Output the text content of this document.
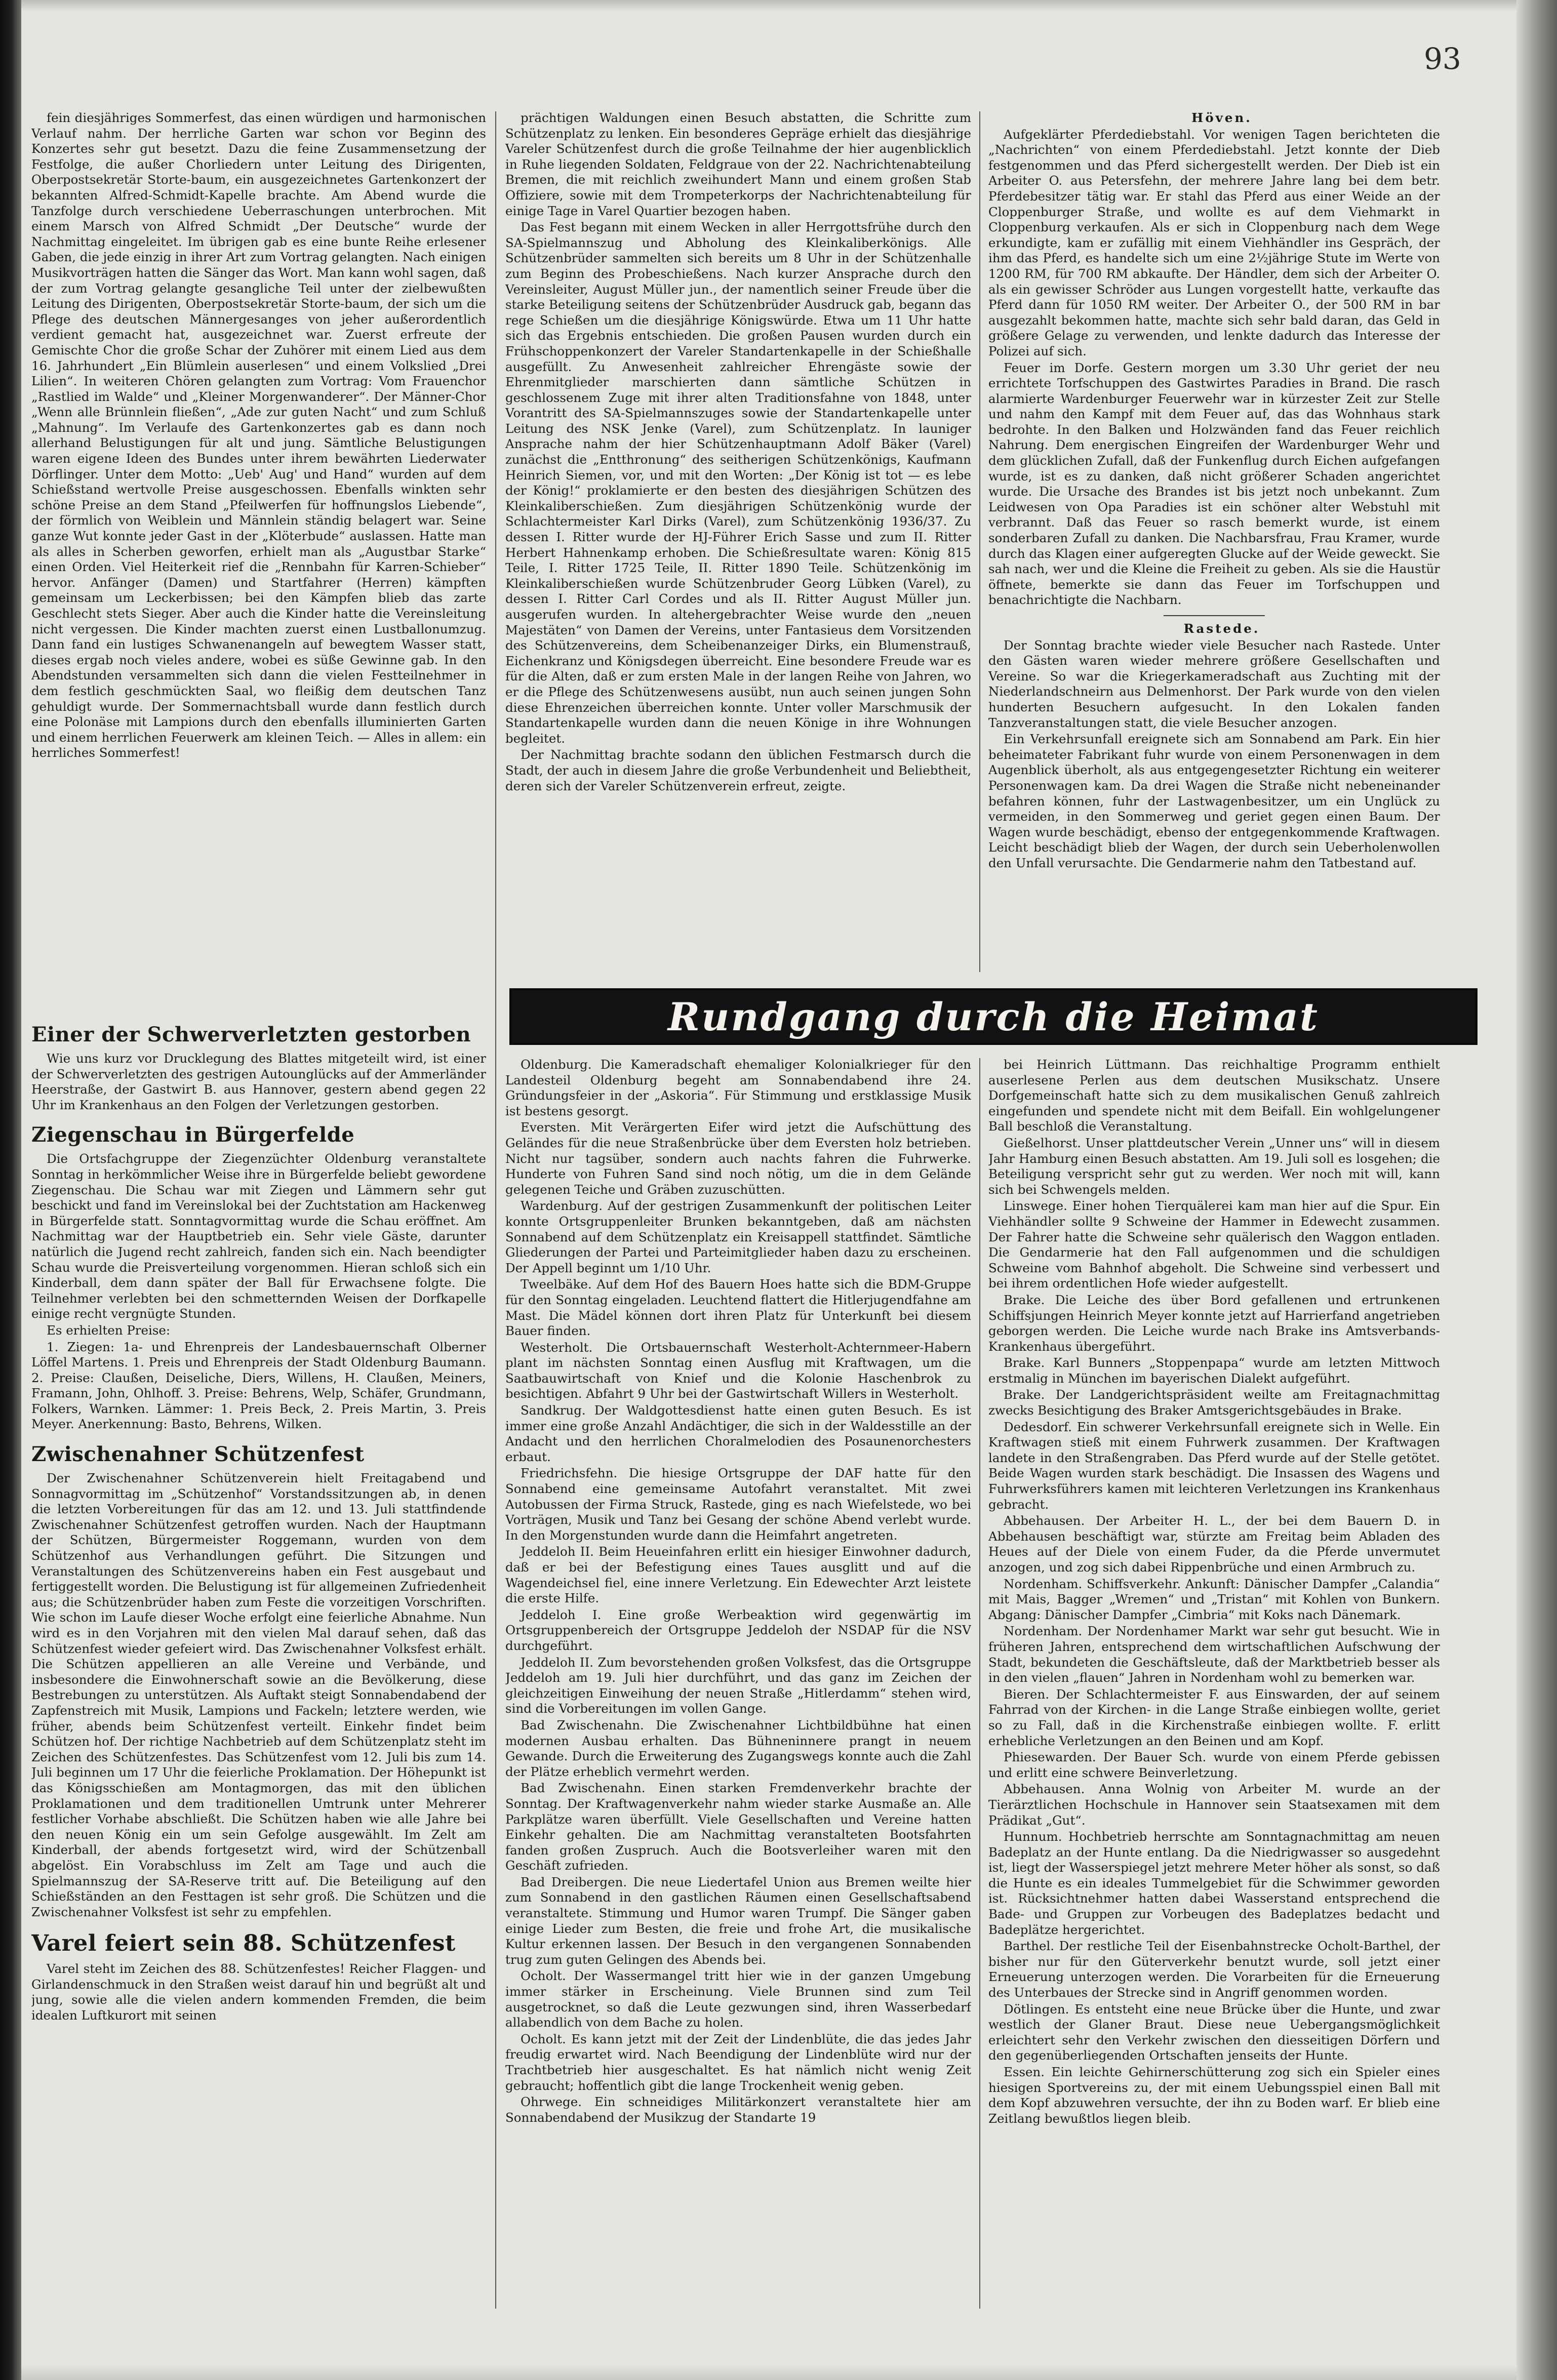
93

fein diesjähriges Sommerfest, das einen würdigen und harmonischen Verlauf nahm. Der herrliche Garten war schon vor Beginn des Konzertes sehr gut besetzt. Dazu die feine Zusammensetzung der Festfolge, die außer Chorliedern unter Leitung des Dirigenten, Oberpostsekretär Storte-baum, ein ausgezeichnetes Gartenkonzert der bekannten Alfred-Schmidt-Kapelle brachte. Am Abend wurde die Tanzfolge durch verschiedene Ueberraschungen unterbrochen. Mit einem Marsch von Alfred Schmidt „Der Deutsche“ wurde der Nachmittag eingeleitet. Im übrigen gab es eine bunte Reihe erlesener Gaben, die jede einzig in ihrer Art zum Vortrag gelangten. Nach einigen Musikvorträgen hatten die Sänger das Wort. Man kann wohl sagen, daß der zum Vortrag gelangte gesangliche Teil unter der zielbewußten Leitung des Dirigenten, Oberpostsekretär Storte-baum, der sich um die Pflege des deutschen Männergesanges von jeher außerordentlich verdient gemacht hat, ausgezeichnet war. Zuerst erfreute der Gemischte Chor die große Schar der Zuhörer mit einem Lied aus dem 16. Jahrhundert „Ein Blümlein auserlesen“ und einem Volkslied „Drei Lilien“. In weiteren Chören gelangten zum Vortrag: Vom Frauenchor „Rastlied im Walde“ und „Kleiner Morgenwanderer“. Der Männer-Chor „Wenn alle Brünnlein fließen“, „Ade zur guten Nacht“ und zum Schluß „Mahnung“. Im Verlaufe des Gartenkonzertes gab es dann noch allerhand Belustigungen für alt und jung. Sämtliche Belustigungen waren eigene Ideen des Bundes unter ihrem bewährten Liederwater Dörflinger. Unter dem Motto: „Ueb' Aug' und Hand“ wurden auf dem Schießstand wertvolle Preise ausgeschossen. Ebenfalls winkten sehr schöne Preise an dem Stand „Pfeilwerfen für hoffnungslos Liebende“, der förmlich von Weiblein und Männlein ständig belagert war. Seine ganze Wut konnte jeder Gast in der „Klöterbude“ auslassen. Hatte man als alles in Scherben geworfen, erhielt man als „Augustbar Starke“ einen Orden. Viel Heiterkeit rief die „Rennbahn für Karren-Schieber“ hervor. Anfänger (Damen) und Startfahrer (Herren) kämpften gemeinsam um Leckerbissen; bei den Kämpfen blieb das zarte Geschlecht stets Sieger. Aber auch die Kinder hatte die Vereinsleitung nicht vergessen. Die Kinder machten zuerst einen Lustballonumzug. Dann fand ein lustiges Schwanenangeln auf bewegtem Wasser statt, dieses ergab noch vieles andere, wobei es süße Gewinne gab. In den Abendstunden versammelten sich dann die vielen Festteilnehmer in dem festlich geschmückten Saal, wo fleißig dem deutschen Tanz gehuldigt wurde. Der Sommernachtsball wurde dann festlich durch eine Polonäse mit Lampions durch den ebenfalls illuminierten Garten und einem herrlichen Feuerwerk am kleinen Teich. — Alles in allem: ein herrliches Sommerfest!

prächtigen Waldungen einen Besuch abstatten, die Schritte zum Schützenplatz zu lenken. Ein besonderes Gepräge erhielt das diesjährige Vareler Schützenfest durch die große Teilnahme der hier augenblicklich in Ruhe liegenden Soldaten, Feldgraue von der 22. Nachrichtenabteilung Bremen, die mit reichlich zweihundert Mann und einem großen Stab Offiziere, sowie mit dem Trompeterkorps der Nachrichtenabteilung für einige Tage in Varel Quartier bezogen haben.

Das Fest begann mit einem Wecken in aller Herrgottsfrühe durch den SA-Spielmannszug und Abholung des Kleinkaliberkönigs. Alle Schützenbrüder sammelten sich bereits um 8 Uhr in der Schützenhalle zum Beginn des Probeschießens. Nach kurzer Ansprache durch den Vereinsleiter, August Müller jun., der namentlich seiner Freude über die starke Beteiligung seitens der Schützenbrüder Ausdruck gab, begann das rege Schießen um die diesjährige Königswürde. Etwa um 11 Uhr hatte sich das Ergebnis entschieden. Die großen Pausen wurden durch ein Frühschoppenkonzert der Vareler Standartenkapelle in der Schießhalle ausgefüllt. Zu Anwesenheit zahlreicher Ehrengäste sowie der Ehrenmitglieder marschierten dann sämtliche Schützen in geschlossenem Zuge mit ihrer alten Traditionsfahne von 1848, unter Vorantritt des SA-Spielmannszuges sowie der Standartenkapelle unter Leitung des NSK Jenke (Varel), zum Schützenplatz. In launiger Ansprache nahm der hier Schützenhauptmann Adolf Bäker (Varel) zunächst die „Entthronung“ des seitherigen Schützenkönigs, Kaufmann Heinrich Siemen, vor, und mit den Worten: „Der König ist tot — es lebe der König!“ proklamierte er den besten des diesjährigen Schützen des Kleinkaliberschießen. Zum diesjährigen Schützenkönig wurde der Schlachtermeister Karl Dirks (Varel), zum Schützenkönig 1936/37. Zu dessen I. Ritter wurde der HJ-Führer Erich Sasse und zum II. Ritter Herbert Hahnenkamp erhoben. Die Schießresultate waren: König 815 Teile, I. Ritter 1725 Teile, II. Ritter 1890 Teile. Schützenkönig im Kleinkaliberschießen wurde Schützenbruder Georg Lübken (Varel), zu dessen I. Ritter Carl Cordes und als II. Ritter August Müller jun. ausgerufen wurden. In altehergebrachter Weise wurde den „neuen Majestäten“ von Damen der Vereins, unter Fantasieus dem Vorsitzenden des Schützenvereins, dem Scheibenanzeiger Dirks, ein Blumenstrauß, Eichenkranz und Königsdegen überreicht. Eine besondere Freude war es für die Alten, daß er zum ersten Male in der langen Reihe von Jahren, wo er die Pflege des Schützenwesens ausübt, nun auch seinen jungen Sohn diese Ehrenzeichen überreichen konnte. Unter voller Marschmusik der Standartenkapelle wurden dann die neuen Könige in ihre Wohnungen begleitet.

Der Nachmittag brachte sodann den üblichen Festmarsch durch die Stadt, der auch in diesem Jahre die große Verbundenheit und Beliebtheit, deren sich der Vareler Schützenverein erfreut, zeigte.

Höven.

Aufgeklärter Pferdediebstahl. Vor wenigen Tagen berichteten die „Nachrichten“ von einem Pferdediebstahl. Jetzt konnte der Dieb festgenommen und das Pferd sichergestellt werden. Der Dieb ist ein Arbeiter O. aus Petersfehn, der mehrere Jahre lang bei dem betr. Pferdebesitzer tätig war. Er stahl das Pferd aus einer Weide an der Cloppenburger Straße, und wollte es auf dem Viehmarkt in Cloppenburg verkaufen. Als er sich in Cloppenburg nach dem Wege erkundigte, kam er zufällig mit einem Viehhändler ins Gespräch, der ihm das Pferd, es handelte sich um eine 2½jährige Stute im Werte von 1200 RM, für 700 RM abkaufte. Der Händler, dem sich der Arbeiter O. als ein gewisser Schröder aus Lungen vorgestellt hatte, verkaufte das Pferd dann für 1050 RM weiter. Der Arbeiter O., der 500 RM in bar ausgezahlt bekommen hatte, machte sich sehr bald daran, das Geld in größere Gelage zu verwenden, und lenkte dadurch das Interesse der Polizei auf sich.

Feuer im Dorfe. Gestern morgen um 3.30 Uhr geriet der neu errichtete Torfschuppen des Gastwirtes Paradies in Brand. Die rasch alarmierte Wardenburger Feuerwehr war in kürzester Zeit zur Stelle und nahm den Kampf mit dem Feuer auf, das das Wohnhaus stark bedrohte. In den Balken und Holzwänden fand das Feuer reichlich Nahrung. Dem energischen Eingreifen der Wardenburger Wehr und dem glücklichen Zufall, daß der Funkenflug durch Eichen aufgefangen wurde, ist es zu danken, daß nicht größerer Schaden angerichtet wurde. Die Ursache des Brandes ist bis jetzt noch unbekannt. Zum Leidwesen von Opa Paradies ist ein schöner alter Webstuhl mit verbrannt. Daß das Feuer so rasch bemerkt wurde, ist einem sonderbaren Zufall zu danken. Die Nachbarsfrau, Frau Kramer, wurde durch das Klagen einer aufgeregten Glucke auf der Weide geweckt. Sie sah nach, wer und die Kleine die Freiheit zu geben. Als sie die Haustür öffnete, bemerkte sie dann das Feuer im Torfschuppen und benachrichtigte die Nachbarn.

Rastede.

Der Sonntag brachte wieder viele Besucher nach Rastede. Unter den Gästen waren wieder mehrere größere Gesellschaften und Vereine. So war die Kriegerkameradschaft aus Zuchting mit der Niederlandschneirn aus Delmenhorst. Der Park wurde von den vielen hunderten Besuchern aufgesucht. In den Lokalen fanden Tanzveranstaltungen statt, die viele Besucher anzogen.

Ein Verkehrsunfall ereignete sich am Sonnabend am Park. Ein hier beheimateter Fabrikant fuhr wurde von einem Personenwagen in dem Augenblick überholt, als aus entgegengesetzter Richtung ein weiterer Personenwagen kam. Da drei Wagen die Straße nicht nebeneinander befahren können, fuhr der Lastwagenbesitzer, um ein Unglück zu vermeiden, in den Sommerweg und geriet gegen einen Baum. Der Wagen wurde beschädigt, ebenso der entgegenkommende Kraftwagen. Leicht beschädigt blieb der Wagen, der durch sein Ueberholenwollen den Unfall verursachte. Die Gendarmerie nahm den Tatbestand auf.

Einer der Schwerverletzten gestorben

Wie uns kurz vor Drucklegung des Blattes mitgeteilt wird, ist einer der Schwerverletzten des gestrigen Autounglücks auf der Ammerländer Heerstraße, der Gastwirt B. aus Hannover, gestern abend gegen 22 Uhr im Krankenhaus an den Folgen der Verletzungen gestorben.

Ziegenschau in Bürgerfelde

Die Ortsfachgruppe der Ziegenzüchter Oldenburg veranstaltete Sonntag in herkömmlicher Weise ihre in Bürgerfelde beliebt gewordene Ziegenschau. Die Schau war mit Ziegen und Lämmern sehr gut beschickt und fand im Vereinslokal bei der Zuchtstation am Hackenweg in Bürgerfelde statt. Sonntagvormittag wurde die Schau eröffnet. Am Nachmittag war der Hauptbetrieb ein. Sehr viele Gäste, darunter natürlich die Jugend recht zahlreich, fanden sich ein. Nach beendigter Schau wurde die Preisverteilung vorgenommen. Hieran schloß sich ein Kinderball, dem dann später der Ball für Erwachsene folgte. Die Teilnehmer verlebten bei den schmetternden Weisen der Dorfkapelle einige recht vergnügte Stunden.

Es erhielten Preise:

1. Ziegen: 1a- und Ehrenpreis der Landesbauernschaft Olberner Löffel Martens. 1. Preis und Ehrenpreis der Stadt Oldenburg Baumann. 2. Preise: Claußen, Deiseliche, Diers, Willens, H. Claußen, Meiners, Framann, John, Ohlhoff. 3. Preise: Behrens, Welp, Schäfer, Grundmann, Folkers, Warnken. Lämmer: 1. Preis Beck, 2. Preis Martin, 3. Preis Meyer. Anerkennung: Basto, Behrens, Wilken.

Zwischenahner Schützenfest

Der Zwischenahner Schützenverein hielt Freitagabend und Sonnagvormittag im „Schützenhof“ Vorstandssitzungen ab, in denen die letzten Vorbereitungen für das am 12. und 13. Juli stattfindende Zwischenahner Schützenfest getroffen wurden. Nach der Hauptmann der Schützen, Bürgermeister Roggemann, wurden von dem Schützenhof aus Verhandlungen geführt. Die Sitzungen und Veranstaltungen des Schützenvereins haben ein Fest ausgebaut und fertiggestellt worden. Die Belustigung ist für allgemeinen Zufriedenheit aus; die Schützenbrüder haben zum Feste die vorzeitigen Vorschriften. Wie schon im Laufe dieser Woche erfolgt eine feierliche Abnahme. Nun wird es in den Vorjahren mit den vielen Mal darauf sehen, daß das Schützenfest wieder gefeiert wird. Das Zwischenahner Volksfest erhält. Die Schützen appellieren an alle Vereine und Verbände, und insbesondere die Einwohnerschaft sowie an die Bevölkerung, diese Bestrebungen zu unterstützen. Als Auftakt steigt Sonnabendabend der Zapfenstreich mit Musik, Lampions und Fackeln; letztere werden, wie früher, abends beim Schützenfest verteilt. Einkehr findet beim Schützen hof. Der richtige Nachbetrieb auf dem Schützenplatz steht im Zeichen des Schützenfestes. Das Schützenfest vom 12. Juli bis zum 14. Juli beginnen um 17 Uhr die feierliche Proklamation. Der Höhepunkt ist das Königsschießen am Montagmorgen, das mit den üblichen Proklamationen und dem traditionellen Umtrunk unter Mehrerer festlicher Vorhabe abschließt. Die Schützen haben wie alle Jahre bei den neuen König ein um sein Gefolge ausgewählt. Im Zelt am Kinderball, der abends fortgesetzt wird, wird der Schützenball abgelöst. Ein Vorabschluss im Zelt am Tage und auch die Spielmannszug der SA-Reserve tritt auf. Die Beteiligung auf den Schießständen an den Festtagen ist sehr groß. Die Schützen und die Zwischenahner Volksfest ist sehr zu empfehlen.

Varel feiert sein 88. Schützenfest

Varel steht im Zeichen des 88. Schützenfestes! Reicher Flaggen- und Girlandenschmuck in den Straßen weist darauf hin und begrüßt alt und jung, sowie alle die vielen andern kommenden Fremden, die beim idealen Luftkurort mit seinen

Rundgang durch die Heimat

Oldenburg. Die Kameradschaft ehemaliger Kolonialkrieger für den Landesteil Oldenburg begeht am Sonnabendabend ihre 24. Gründungsfeier in der „Askoria“. Für Stimmung und erstklassige Musik ist bestens gesorgt.

Eversten. Mit Verärgerten Eifer wird jetzt die Aufschüttung des Geländes für die neue Straßenbrücke über dem Eversten holz betrieben. Nicht nur tagsüber, sondern auch nachts fahren die Fuhrwerke. Hunderte von Fuhren Sand sind noch nötig, um die in dem Gelände gelegenen Teiche und Gräben zuzuschütten.

Wardenburg. Auf der gestrigen Zusammenkunft der politischen Leiter konnte Ortsgruppenleiter Brunken bekanntgeben, daß am nächsten Sonnabend auf dem Schützenplatz ein Kreisappell stattfindet. Sämtliche Gliederungen der Partei und Parteimitglieder haben dazu zu erscheinen. Der Appell beginnt um 1/10 Uhr.

Tweelbäke. Auf dem Hof des Bauern Hoes hatte sich die BDM-Gruppe für den Sonntag eingeladen. Leuchtend flattert die Hitlerjugendfahne am Mast. Die Mädel können dort ihren Platz für Unterkunft bei diesem Bauer finden.

Westerholt. Die Ortsbauernschaft Westerholt-Achternmeer-Habern plant im nächsten Sonntag einen Ausflug mit Kraftwagen, um die Saatbauwirtschaft von Knief und die Kolonie Haschenbrok zu besichtigen. Abfahrt 9 Uhr bei der Gastwirtschaft Willers in Westerholt.

Sandkrug. Der Waldgottesdienst hatte einen guten Besuch. Es ist immer eine große Anzahl Andächtiger, die sich in der Waldesstille an der Andacht und den herrlichen Choralmelodien des Posaunenorchesters erbaut.

Friedrichsfehn. Die hiesige Ortsgruppe der DAF hatte für den Sonnabend eine gemeinsame Autofahrt veranstaltet. Mit zwei Autobussen der Firma Struck, Rastede, ging es nach Wiefelstede, wo bei Vorträgen, Musik und Tanz bei Gesang der schöne Abend verlebt wurde. In den Morgenstunden wurde dann die Heimfahrt angetreten.

Jeddeloh II. Beim Heueinfahren erlitt ein hiesiger Einwohner dadurch, daß er bei der Befestigung eines Taues ausglitt und auf die Wagendeichsel fiel, eine innere Verletzung. Ein Edewechter Arzt leistete die erste Hilfe.

Jeddeloh I. Eine große Werbeaktion wird gegenwärtig im Ortsgruppenbereich der Ortsgruppe Jeddeloh der NSDAP für die NSV durchgeführt.

Jeddeloh II. Zum bevorstehenden großen Volksfest, das die Ortsgruppe Jeddeloh am 19. Juli hier durchführt, und das ganz im Zeichen der gleichzeitigen Einweihung der neuen Straße „Hitlerdamm“ stehen wird, sind die Vorbereitungen im vollen Gange.

Bad Zwischenahn. Die Zwischenahner Lichtbildbühne hat einen modernen Ausbau erhalten. Das Bühneninnere prangt in neuem Gewande. Durch die Erweiterung des Zugangswegs konnte auch die Zahl der Plätze erheblich vermehrt werden.

Bad Zwischenahn. Einen starken Fremdenverkehr brachte der Sonntag. Der Kraftwagenverkehr nahm wieder starke Ausmaße an. Alle Parkplätze waren überfüllt. Viele Gesellschaften und Vereine hatten Einkehr gehalten. Die am Nachmittag veranstalteten Bootsfahrten fanden großen Zuspruch. Auch die Bootsverleiher waren mit den Geschäft zufrieden.

Bad Dreibergen. Die neue Liedertafel Union aus Bremen weilte hier zum Sonnabend in den gastlichen Räumen einen Gesellschaftsabend veranstaltete. Stimmung und Humor waren Trumpf. Die Sänger gaben einige Lieder zum Besten, die freie und frohe Art, die musikalische Kultur erkennen lassen. Der Besuch in den vergangenen Sonnabenden trug zum guten Gelingen des Abends bei.

Ocholt. Der Wassermangel tritt hier wie in der ganzen Umgebung immer stärker in Erscheinung. Viele Brunnen sind zum Teil ausgetrocknet, so daß die Leute gezwungen sind, ihren Wasserbedarf allabendlich von dem Bache zu holen.

Ocholt. Es kann jetzt mit der Zeit der Lindenblüte, die das jedes Jahr freudig erwartet wird. Nach Beendigung der Lindenblüte wird nur der Trachtbetrieb hier ausgeschaltet. Es hat nämlich nicht wenig Zeit gebraucht; hoffentlich gibt die lange Trockenheit wenig geben.

Ohrwege. Ein schneidiges Militärkonzert veranstaltete hier am Sonnabendabend der Musikzug der Standarte 19

bei Heinrich Lüttmann. Das reichhaltige Programm enthielt auserlesene Perlen aus dem deutschen Musikschatz. Unsere Dorfgemeinschaft hatte sich zu dem musikalischen Genuß zahlreich eingefunden und spendete nicht mit dem Beifall. Ein wohlgelungener Ball beschloß die Veranstaltung.

Gießelhorst. Unser plattdeutscher Verein „Unner uns“ will in diesem Jahr Hamburg einen Besuch abstatten. Am 19. Juli soll es losgehen; die Beteiligung verspricht sehr gut zu werden. Wer noch mit will, kann sich bei Schwengels melden.

Linswege. Einer hohen Tierquälerei kam man hier auf die Spur. Ein Viehhändler sollte 9 Schweine der Hammer in Edewecht zusammen. Der Fahrer hatte die Schweine sehr quälerisch den Waggon entladen. Die Gendarmerie hat den Fall aufgenommen und die schuldigen Schweine vom Bahnhof abgeholt. Die Schweine sind verbessert und bei ihrem ordentlichen Hofe wieder aufgestellt.

Brake. Die Leiche des über Bord gefallenen und ertrunkenen Schiffsjungen Heinrich Meyer konnte jetzt auf Harrierfand angetrieben geborgen werden. Die Leiche wurde nach Brake ins Amtsverbands-Krankenhaus übergeführt.

Brake. Karl Bunners „Stoppenpapa“ wurde am letzten Mittwoch erstmalig in München im bayerischen Dialekt aufgeführt.

Brake. Der Landgerichtspräsident weilte am Freitagnachmittag zwecks Besichtigung des Braker Amtsgerichtsgebäudes in Brake.

Dedesdorf. Ein schwerer Verkehrsunfall ereignete sich in Welle. Ein Kraftwagen stieß mit einem Fuhrwerk zusammen. Der Kraftwagen landete in den Straßengraben. Das Pferd wurde auf der Stelle getötet. Beide Wagen wurden stark beschädigt. Die Insassen des Wagens und Fuhrwerksführers kamen mit leichteren Verletzungen ins Krankenhaus gebracht.

Abbehausen. Der Arbeiter H. L., der bei dem Bauern D. in Abbehausen beschäftigt war, stürzte am Freitag beim Abladen des Heues auf der Diele von einem Fuder, da die Pferde unvermutet anzogen, und zog sich dabei Rippenbrüche und einen Armbruch zu.

Nordenham. Schiffsverkehr. Ankunft: Dänischer Dampfer „Calandia“ mit Mais, Bagger „Wremen“ und „Tristan“ mit Kohlen von Bunkern. Abgang: Dänischer Dampfer „Cimbria“ mit Koks nach Dänemark.

Nordenham. Der Nordenhamer Markt war sehr gut besucht. Wie in früheren Jahren, entsprechend dem wirtschaftlichen Aufschwung der Stadt, bekundeten die Geschäftsleute, daß der Marktbetrieb besser als in den vielen „flauen“ Jahren in Nordenham wohl zu bemerken war.

Bieren. Der Schlachtermeister F. aus Einswarden, der auf seinem Fahrrad von der Kirchen- in die Lange Straße einbiegen wollte, geriet so zu Fall, daß in die Kirchenstraße einbiegen wollte. F. erlitt erhebliche Verletzungen an den Beinen und am Kopf.

Phiesewarden. Der Bauer Sch. wurde von einem Pferde gebissen und erlitt eine schwere Beinverletzung.

Abbehausen. Anna Wolnig von Arbeiter M. wurde an der Tierärztlichen Hochschule in Hannover sein Staatsexamen mit dem Prädikat „Gut“.

Hunnum. Hochbetrieb herrschte am Sonntagnachmittag am neuen Badeplatz an der Hunte entlang. Da die Niedrigwasser so ausgedehnt ist, liegt der Wasserspiegel jetzt mehrere Meter höher als sonst, so daß die Hunte es ein ideales Tummelgebiet für die Schwimmer geworden ist. Rücksichtnehmer hatten dabei Wasserstand entsprechend die Bade- und Gruppen zur Vorbeugen des Badeplatzes bedacht und Badeplätze hergerichtet.

Barthel. Der restliche Teil der Eisenbahnstrecke Ocholt-Barthel, der bisher nur für den Güterverkehr benutzt wurde, soll jetzt einer Erneuerung unterzogen werden. Die Vorarbeiten für die Erneuerung des Unterbaues der Strecke sind in Angriff genommen worden.

Dötlingen. Es entsteht eine neue Brücke über die Hunte, und zwar westlich der Glaner Braut. Diese neue Uebergangsmöglichkeit erleichtert sehr den Verkehr zwischen den diesseitigen Dörfern und den gegenüberliegenden Ortschaften jenseits der Hunte.

Essen. Ein leichte Gehirnerschütterung zog sich ein Spieler eines hiesigen Sportvereins zu, der mit einem Uebungsspiel einen Ball mit dem Kopf abzuwehren versuchte, der ihn zu Boden warf. Er blieb eine Zeitlang bewußtlos liegen bleib.
